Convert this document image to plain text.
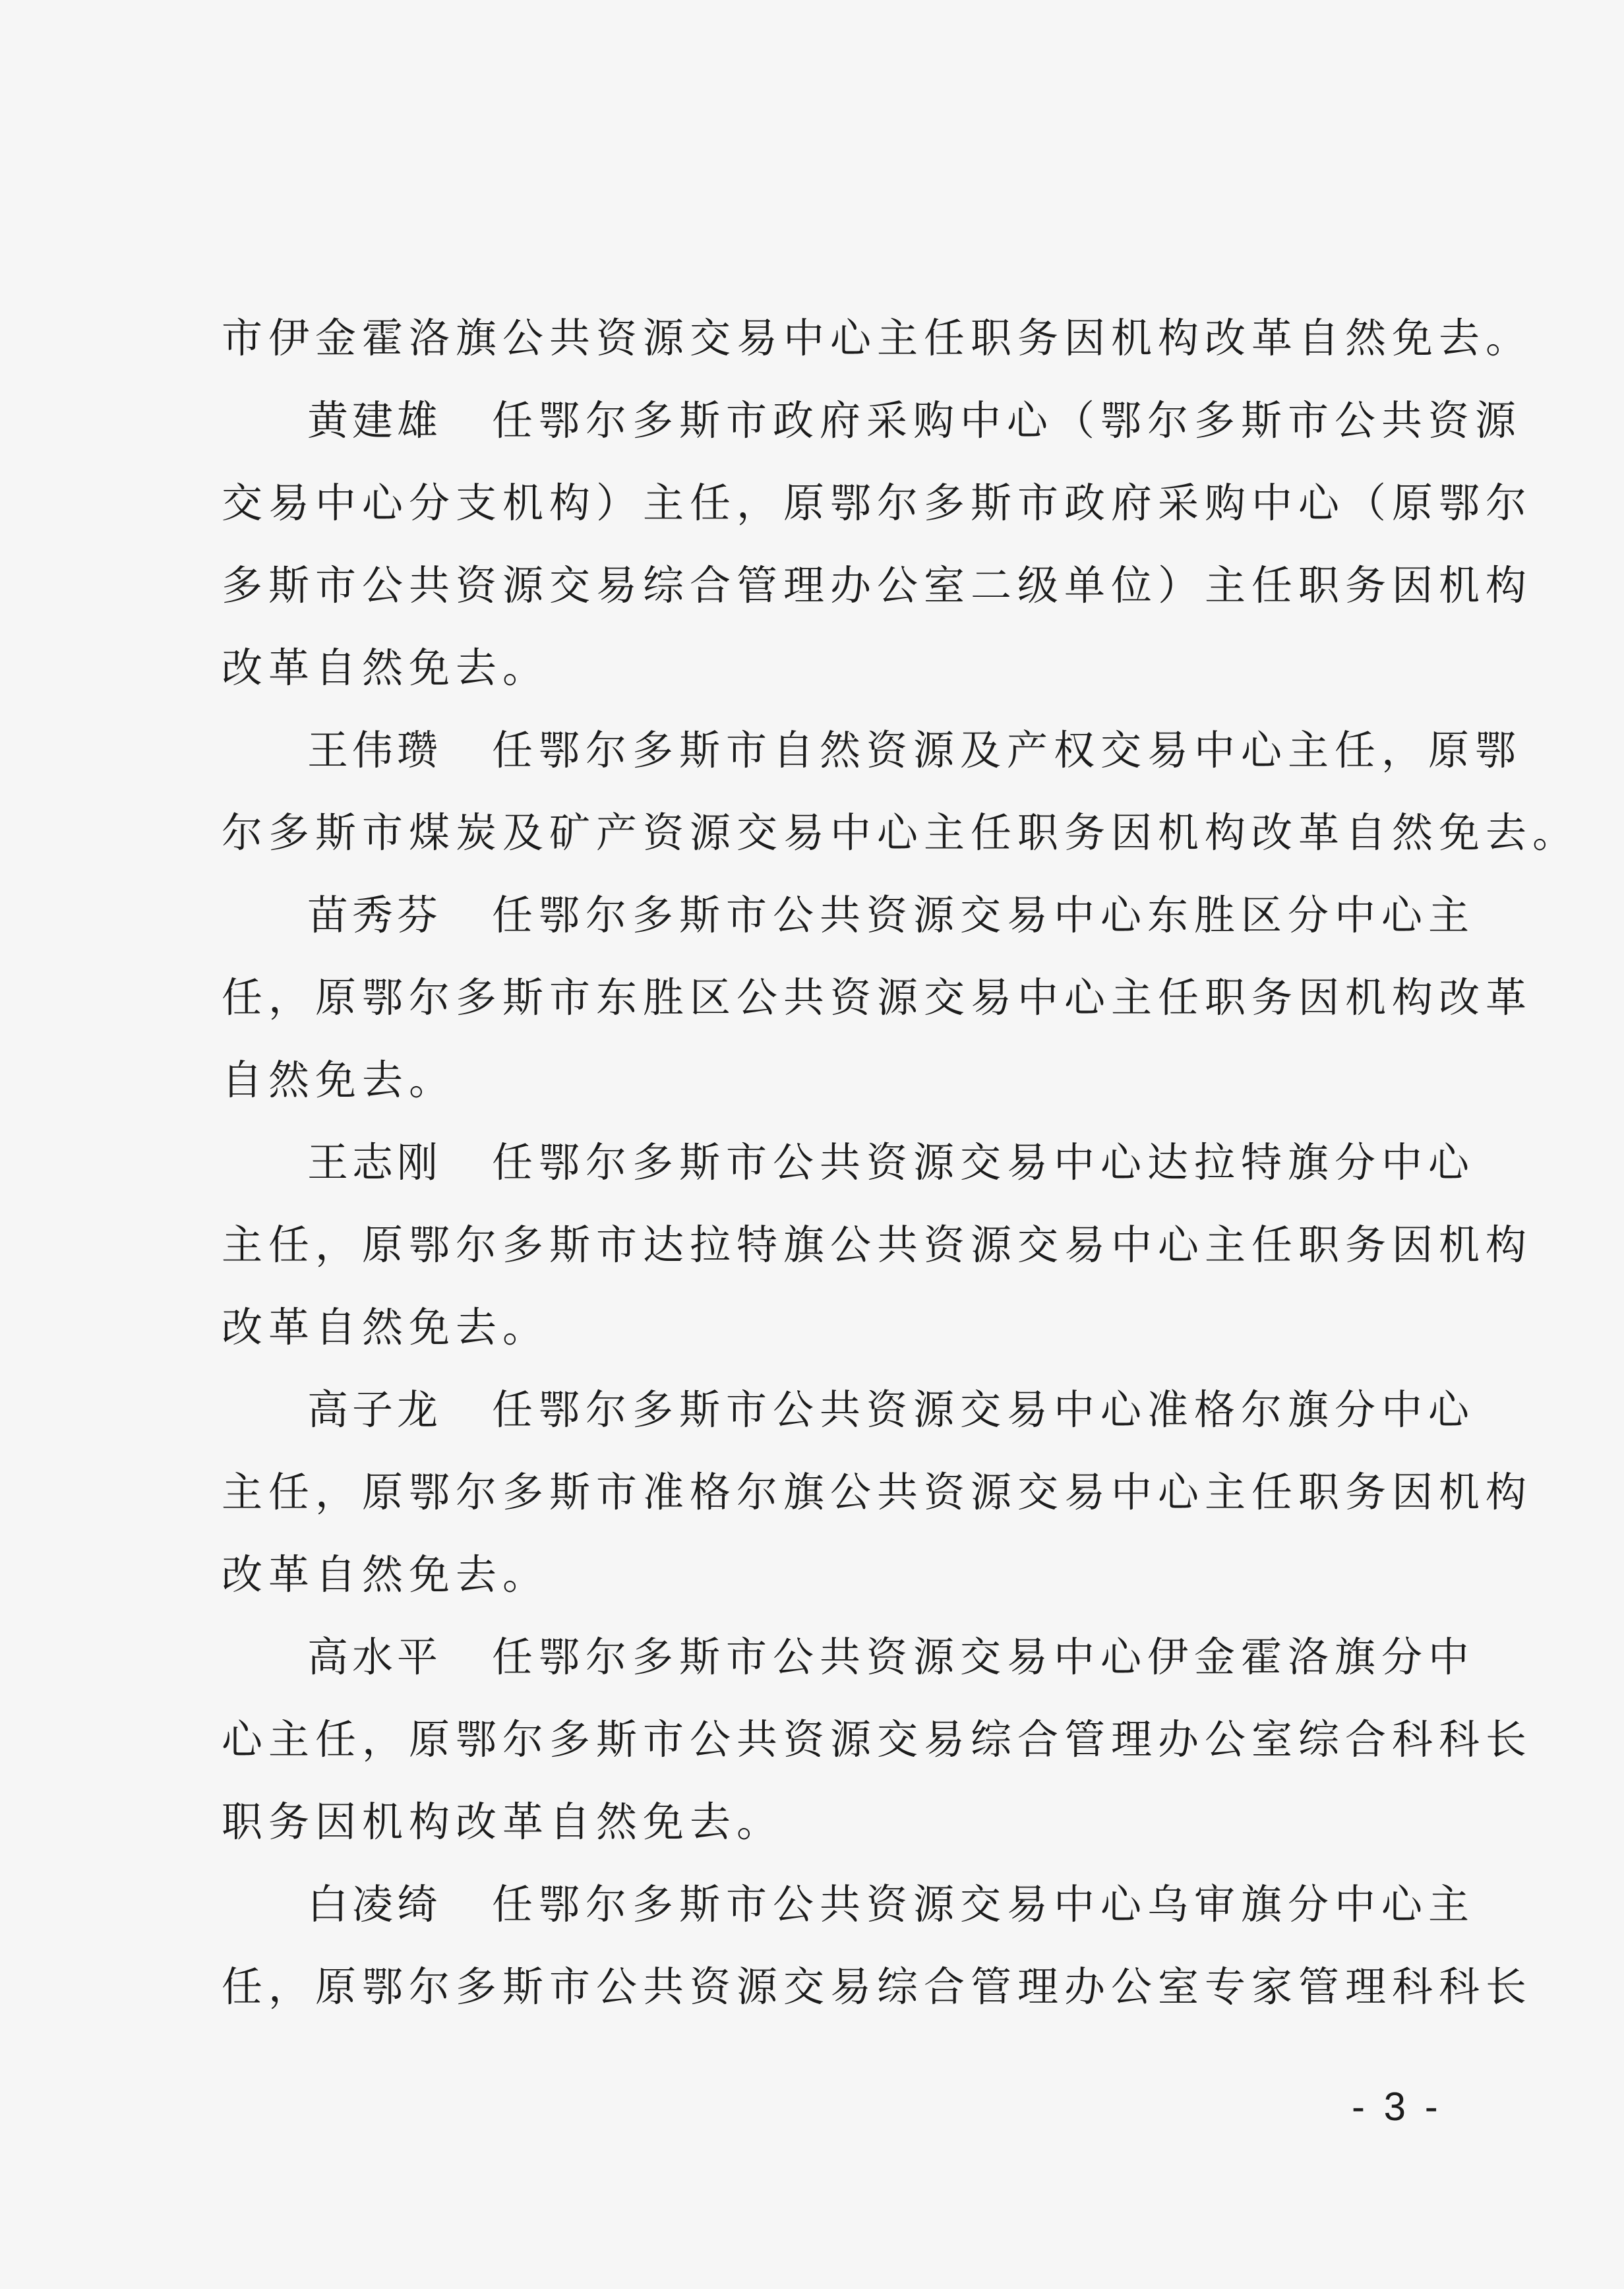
市伊金霍洛旗公共资源交易中心主任职务因机构改革自然免去。
黄建雄 任鄂尔多斯市政府采购中心（鄂尔多斯市公共资源
交易中心分支机构）主任，原鄂尔多斯市政府采购中心（原鄂尔
多斯市公共资源交易综合管理办公室二级单位）主任职务因机构
改革自然免去。
王伟瓒 任鄂尔多斯市自然资源及产权交易中心主任，原鄂
尔多斯市煤炭及矿产资源交易中心主任职务因机构改革自然免去。
苗秀芬 任鄂尔多斯市公共资源交易中心东胜区分中心主
任，原鄂尔多斯市东胜区公共资源交易中心主任职务因机构改革
自然免去。
王志刚 任鄂尔多斯市公共资源交易中心达拉特旗分中心
主任，原鄂尔多斯市达拉特旗公共资源交易中心主任职务因机构
改革自然免去。
高子龙 任鄂尔多斯市公共资源交易中心准格尔旗分中心
主任，原鄂尔多斯市准格尔旗公共资源交易中心主任职务因机构
改革自然免去。
高水平 任鄂尔多斯市公共资源交易中心伊金霍洛旗分中
心主任，原鄂尔多斯市公共资源交易综合管理办公室综合科科长
职务因机构改革自然免去。
白凌绮 任鄂尔多斯市公共资源交易中心乌审旗分中心主
任，原鄂尔多斯市公共资源交易综合管理办公室专家管理科科长
- 3 -
